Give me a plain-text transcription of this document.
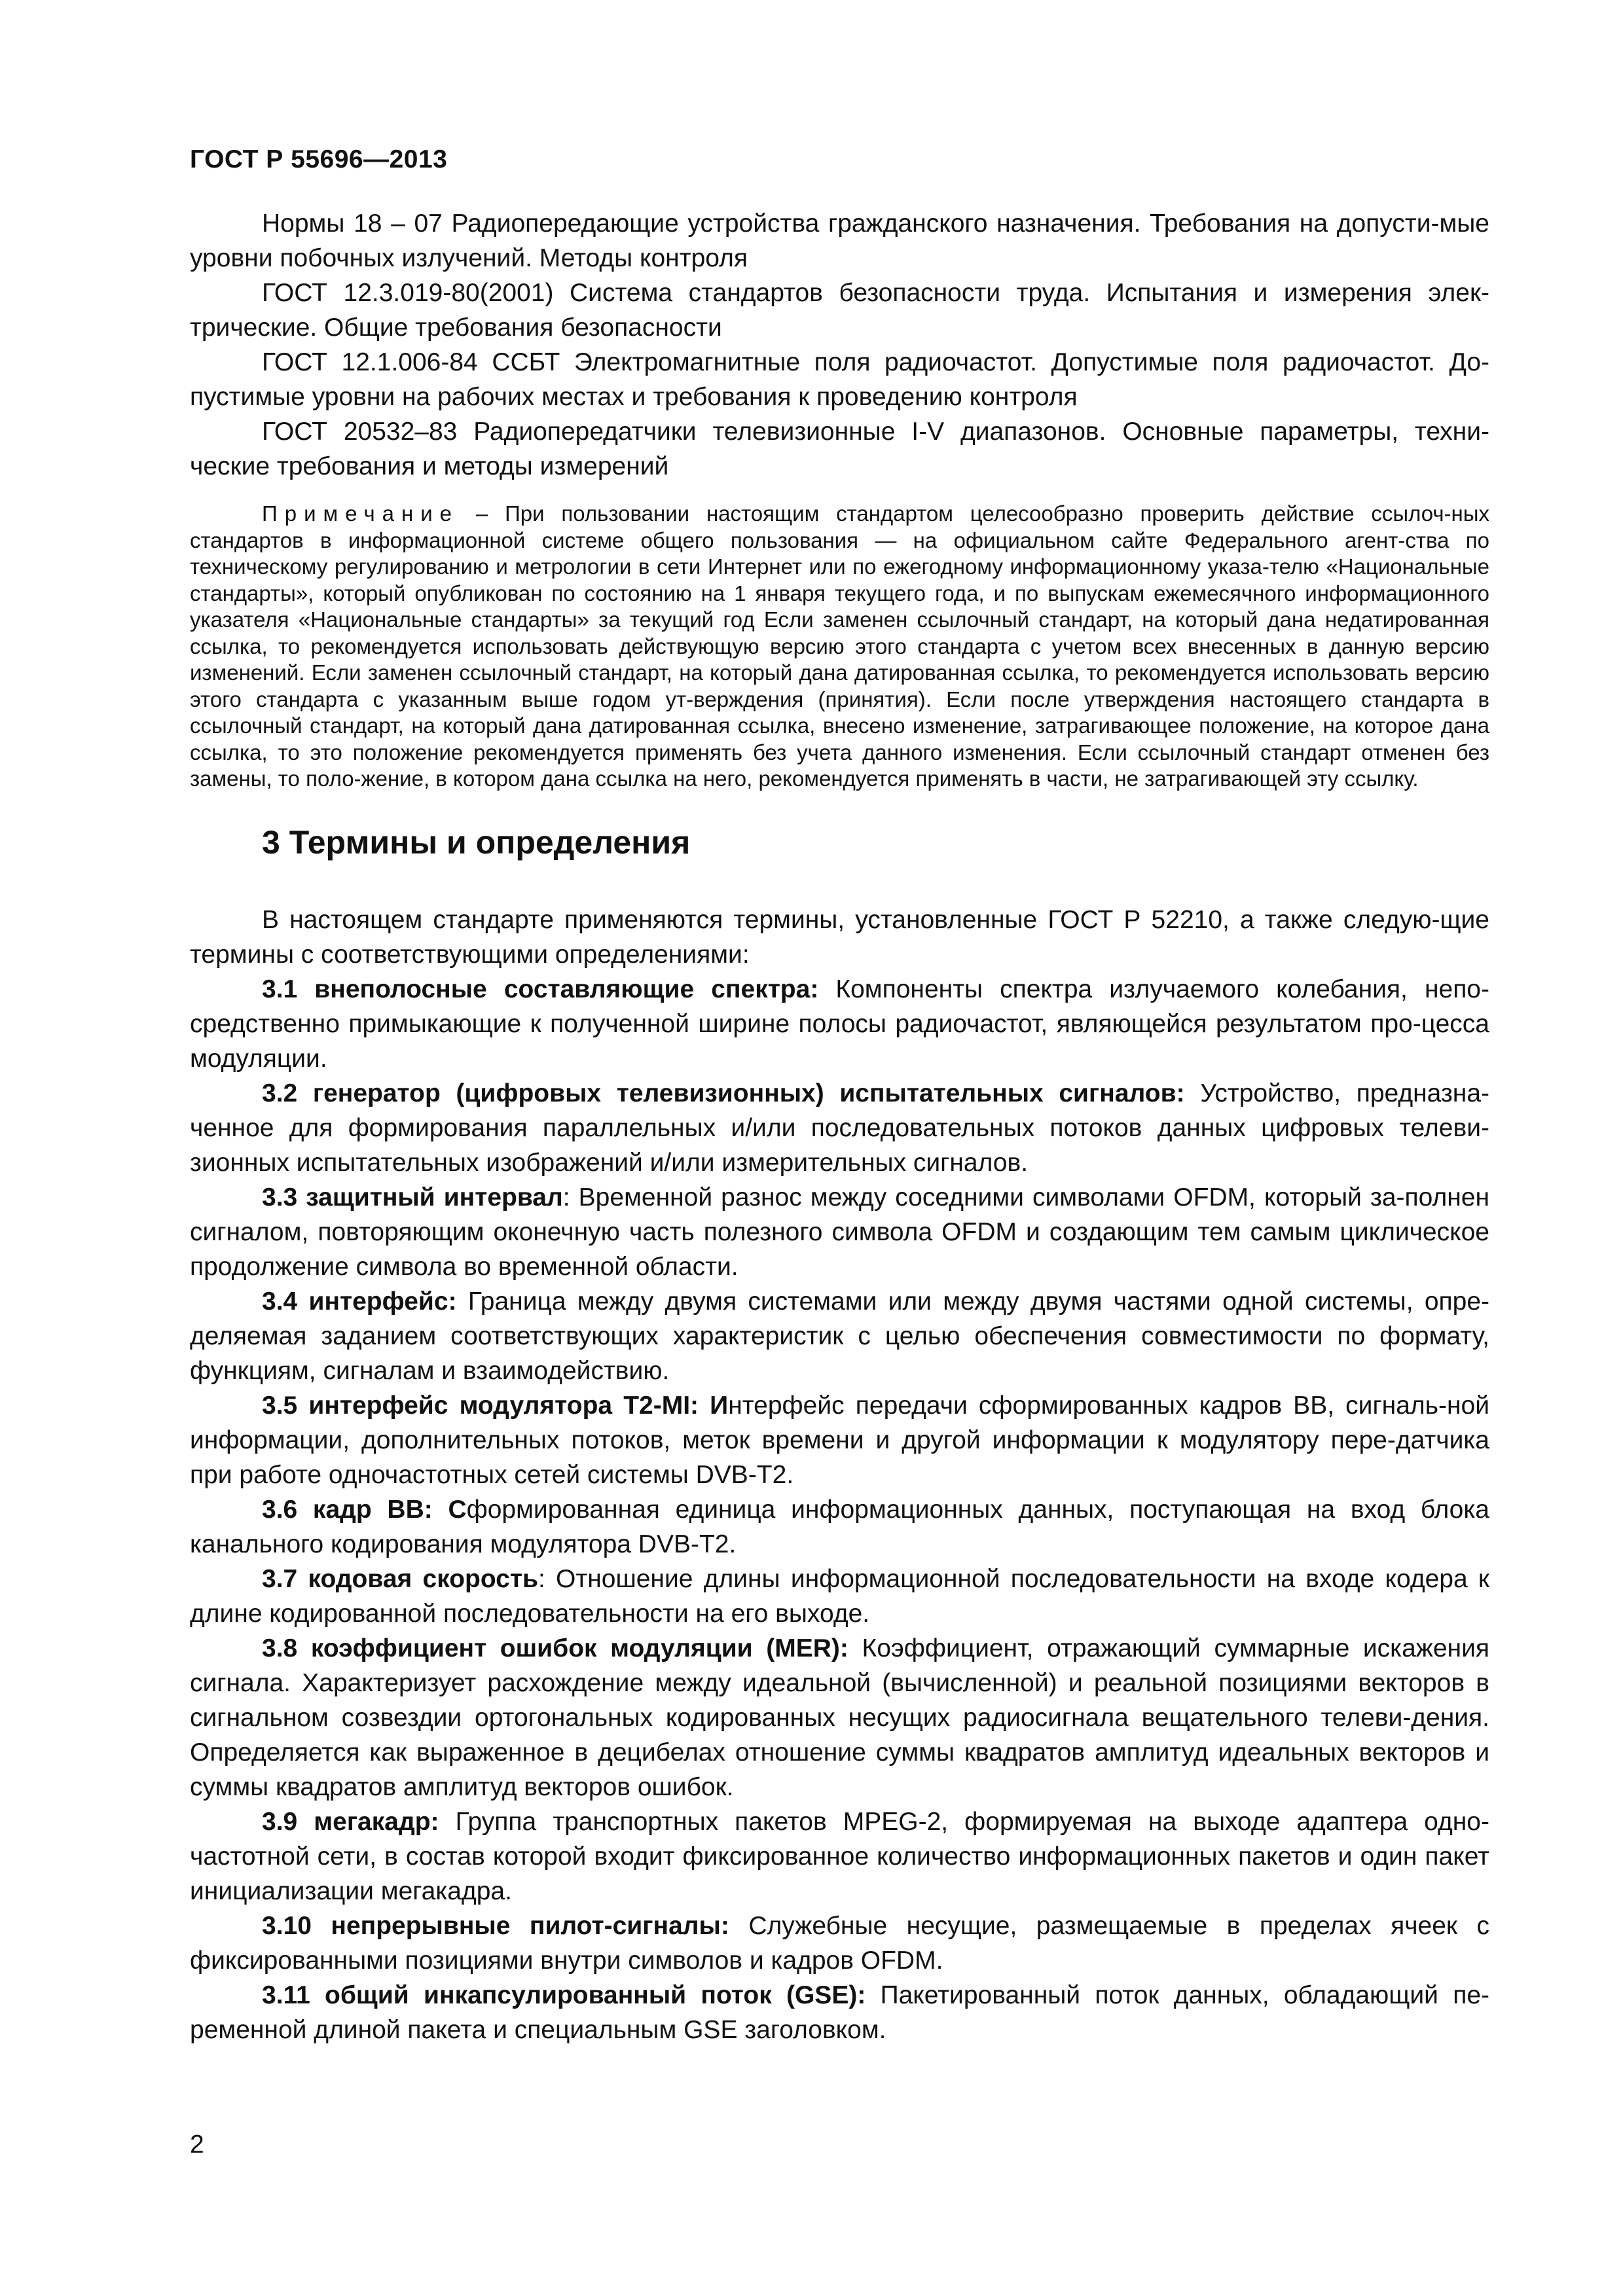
ГОСТ Р 55696—2013

Нормы 18 – 07 Радиопередающие устройства гражданского назначения. Требования на допусти-мые уровни побочных излучений. Методы контроля

ГОСТ 12.3.019-80(2001) Система стандартов безопасности труда. Испытания и измерения элек-трические. Общие требования безопасности

ГОСТ 12.1.006-84 ССБТ Электромагнитные поля радиочастот. Допустимые поля радиочастот. До-пустимые уровни на рабочих местах и требования к проведению контроля

ГОСТ 20532–83 Радиопередатчики телевизионные I-V диапазонов. Основные параметры, техни-ческие требования и методы измерений

Примечание – При пользовании настоящим стандартом целесообразно проверить действие ссылоч-ных стандартов в информационной системе общего пользования — на официальном сайте Федерального агент-ства по техническому регулированию и метрологии в сети Интернет или по ежегодному информационному указа-телю «Национальные стандарты», который опубликован по состоянию на 1 января текущего года, и по выпускам ежемесячного информационного указателя «Национальные стандарты» за текущий год Если заменен ссылочный стандарт, на который дана недатированная ссылка, то рекомендуется использовать действующую версию этого стандарта с учетом всех внесенных в данную версию изменений. Если заменен ссылочный стандарт, на который дана датированная ссылка, то рекомендуется использовать версию этого стандарта с указанным выше годом ут-верждения (принятия). Если после утверждения настоящего стандарта в ссылочный стандарт, на который дана датированная ссылка, внесено изменение, затрагивающее положение, на которое дана ссылка, то это положение рекомендуется применять без учета данного изменения. Если ссылочный стандарт отменен без замены, то поло-жение, в котором дана ссылка на него, рекомендуется применять в части, не затрагивающей эту ссылку.
3 Термины и определения

В настоящем стандарте применяются термины, установленные ГОСТ Р 52210, а также следую-щие термины с соответствующими определениями:

3.1 внеполосные составляющие спектра: Компоненты спектра излучаемого колебания, непо-средственно примыкающие к полученной ширине полосы радиочастот, являющейся результатом про-цесса модуляции.

3.2 генератор (цифровых телевизионных) испытательных сигналов: Устройство, предназна-ченное для формирования параллельных и/или последовательных потоков данных цифровых телеви-зионных испытательных изображений и/или измерительных сигналов.

3.3 защитный интервал: Временной разнос между соседними символами OFDM, который за-полнен сигналом, повторяющим оконечную часть полезного символа OFDM и создающим тем самым циклическое продолжение символа во временной области.

3.4 интерфейс: Граница между двумя системами или между двумя частями одной системы, опре-деляемая заданием соответствующих характеристик с целью обеспечения совместимости по формату, функциям, сигналам и взаимодействию.

3.5 интерфейс модулятора T2-MI: Интерфейс передачи сформированных кадров ВВ, сигналь-ной информации, дополнительных потоков, меток времени и другой информации к модулятору пере-датчика при работе одночастотных сетей системы DVB-T2.

3.6 кадр ВВ: Сформированная единица информационных данных, поступающая на вход блока канального кодирования модулятора DVB-T2.

3.7 кодовая скорость: Отношение длины информационной последовательности на входе кодера к длине кодированной последовательности на его выходе.

3.8 коэффициент ошибок модуляции (MER): Коэффициент, отражающий суммарные искажения сигнала. Характеризует расхождение между идеальной (вычисленной) и реальной позициями векторов в сигнальном созвездии ортогональных кодированных несущих радиосигнала вещательного телеви-дения. Определяется как выраженное в децибелах отношение суммы квадратов амплитуд идеальных векторов и суммы квадратов амплитуд векторов ошибок.

3.9 мегакадр: Группа транспортных пакетов MPEG-2, формируемая на выходе адаптера одно-частотной сети, в состав которой входит фиксированное количество информационных пакетов и один пакет инициализации мегакадра.

3.10 непрерывные пилот-сигналы: Служебные несущие, размещаемые в пределах ячеек с фиксированными позициями внутри символов и кадров OFDM.

3.11 общий инкапсулированный поток (GSE): Пакетированный поток данных, обладающий пе-ременной длиной пакета и специальным GSE заголовком.

2
